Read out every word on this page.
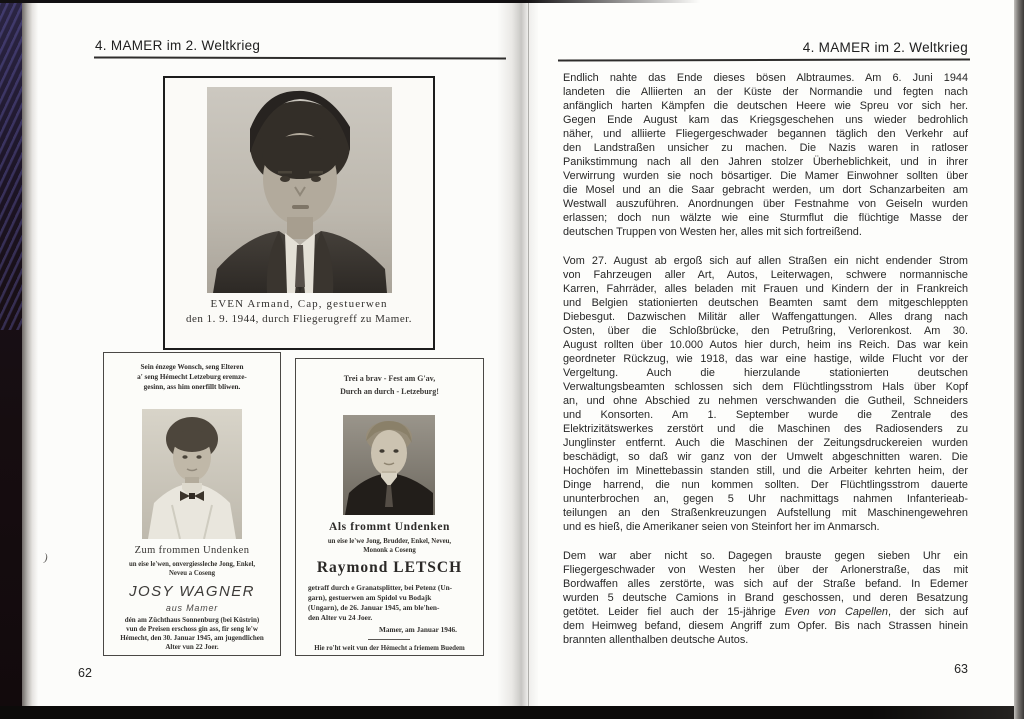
4. MAMER im 2. Weltkrieg
EVEN Armand, Cap, gestuerwen
den 1. 9. 1944, durch Fliegerugreff zu Mamer.
Sein énzege Wonsch, seng Elteren
a' seng Hémecht Letzeburg eremze-
gesinn, ass him onerfillt bliwen.
Zum frommen Undenken
un eise le'wen, onvergiessleche Jong, Enkel,
Neveu a Coseng
JOSY WAGNER
aus Mamer
dén am Züchthaus Sonnenburg (bei Küstrin)
vun de Preisen erschoss gin ass, fir seng le'w
Hémecht, den 30. Januar 1945, am jugendlichen
Alter vun 22 Joer.
Trei a brav - Fest am G'av,
Durch an durch - Letzeburg!
Als frommt Undenken
un eise le'we Jong, Brudder, Enkel, Neveu,
Mononk a Coseng
Raymond LETSCH
getraff durch e Granatsplitter, bei Petenz (Un-
garn), gestuerwen am Spidol vu Bodajk
(Ungarn), de 26. Januar 1945, am ble'hen-
den Alter vu 24 Joer.
Mamer, am Januar 1946.
Hie ro'ht weit vun der Hémecht a friemem Buedem
62
)
4. MAMER im 2. Weltkrieg
Endlich nahte das Ende dieses bösen Albtraumes. Am 6. Juni 1944
landeten die Alliierten an der Küste der Normandie und fegten nach
anfänglich harten Kämpfen die deutschen Heere wie Spreu vor sich her.
Gegen Ende August kam das Kriegsgeschehen uns wieder bedrohlich
näher, und alliierte Fliegergeschwader begannen täglich den Verkehr auf
den Landstraßen unsicher zu machen. Die Nazis waren in ratloser
Panikstimmung nach all den Jahren stolzer Überheblichkeit, und in ihrer
Verwirrung wurden sie noch bösartiger. Die Mamer Einwohner sollten über
die Mosel und an die Saar gebracht werden, um dort Schanzarbeiten am
Westwall auszuführen. Anordnungen über Festnahme von Geiseln wurden
erlassen; doch nun wälzte wie eine Sturmflut die flüchtige Masse der
deutschen Truppen von Westen her, alles mit sich fortreißend.
Vom 27. August ab ergoß sich auf allen Straßen ein nicht endender Strom
von Fahrzeugen aller Art, Autos, Leiterwagen, schwere normannische
Karren, Fahrräder, alles beladen mit Frauen und Kindern der in Frankreich
und Belgien stationierten deutschen Beamten samt dem mitgeschleppten
Diebesgut. Dazwischen Militär aller Waffengattungen. Alles drang nach
Osten, über die Schloßbrücke, den Petrußring, Verlorenkost. Am 30.
August rollten über 10.000 Autos hier durch, heim ins Reich. Das war kein
geordneter Rückzug, wie 1918, das war eine hastige, wilde Flucht vor der
Vergeltung. Auch die hierzulande stationierten deutschen
Verwaltungsbeamten schlossen sich dem Flüchtlingsstrom Hals über Kopf
an, und ohne Abschied zu nehmen verschwanden die Gutheil, Schneiders
und Konsorten. Am 1. September wurde die Zentrale des
Elektrizitätswerkes zerstört und die Maschinen des Radiosenders zu
Junglinster entfernt. Auch die Maschinen der Zeitungsdruckereien wurden
beschädigt, so daß wir ganz von der Umwelt abgeschnitten waren. Die
Hochöfen im Minettebassin standen still, und die Arbeiter kehrten heim, der
Dinge harrend, die nun kommen sollten. Der Flüchtlingsstrom dauerte
ununterbrochen an, gegen 5 Uhr nachmittags nahmen Infanterieab-
teilungen an den Straßenkreuzungen Aufstellung mit Maschinengewehren
und es hieß, die Amerikaner seien von Steinfort her im Anmarsch.
Dem war aber nicht so. Dagegen brauste gegen sieben Uhr ein
Fliegergeschwader von Westen her über der Arlonerstraße, das mit
Bordwaffen alles zerstörte, was sich auf der Straße befand. In Edemer
wurden 5 deutsche Camions in Brand geschossen, und deren Besatzung
getötet. Leider fiel auch der 15-jährige Even von Capellen, der sich auf
dem Heimweg befand, diesem Angriff zum Opfer. Bis nach Strassen hinein
brannten allenthalben deutsche Autos.
63
